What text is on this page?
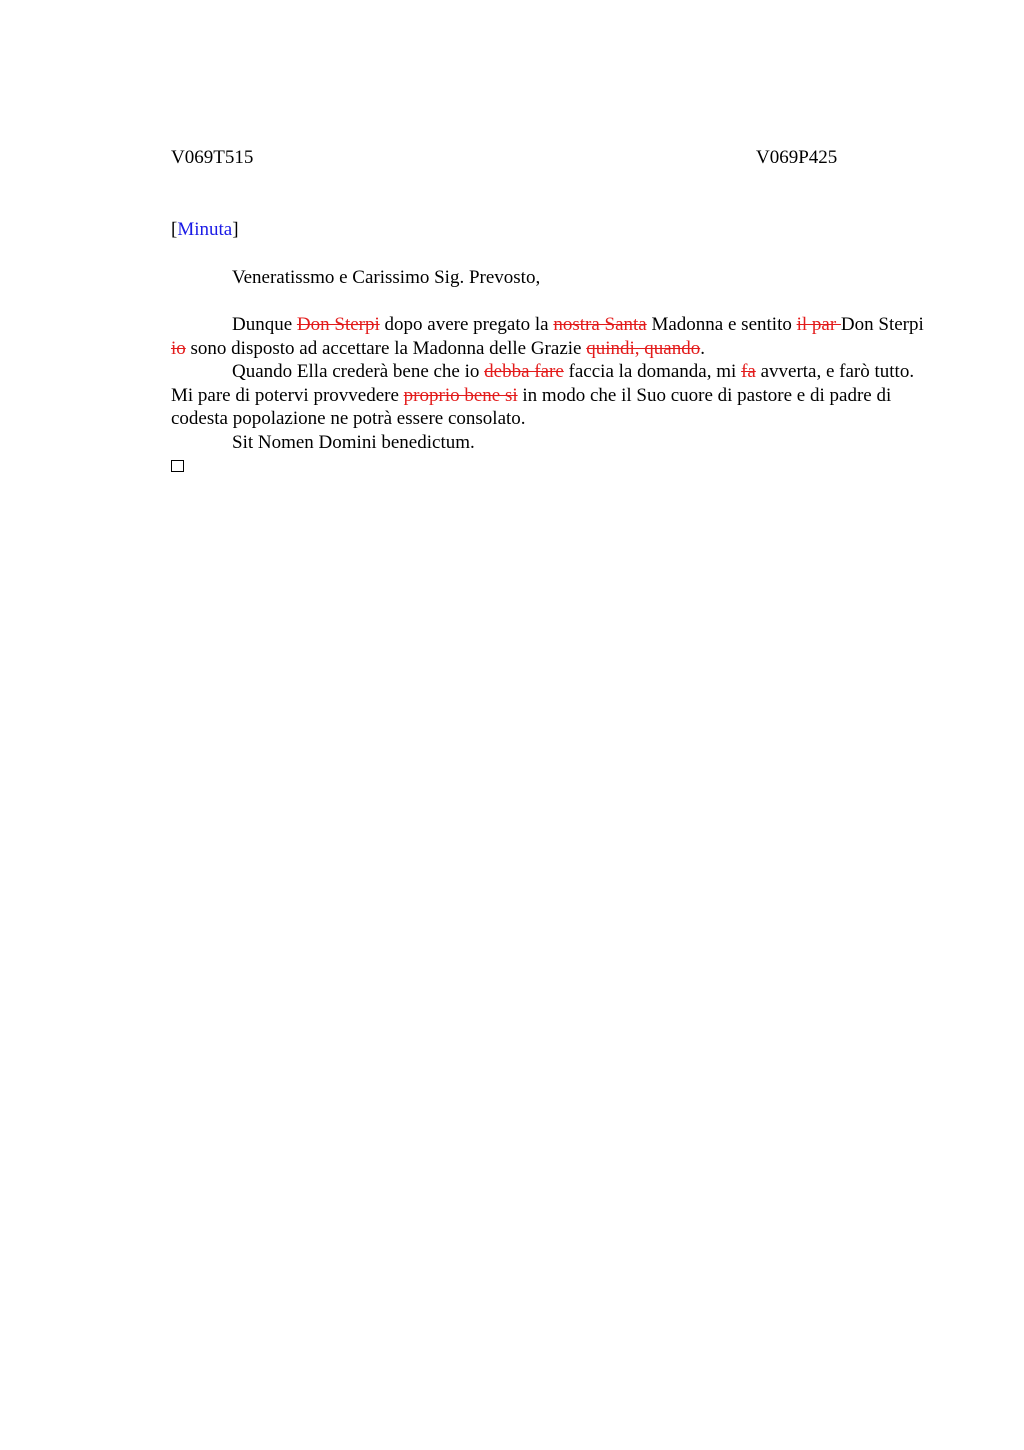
V069T515	V069P425
[Minuta]
Veneratissmo e Carissimo Sig. Prevosto,

Dunque Don Sterpi dopo avere pregato la nostra Santa Madonna e sentito il par Don Sterpi io sono disposto ad accettare la Madonna delle Grazie quindi, quando.

Quando Ella crederà bene che io debba fare faccia la domanda, mi fa avverta, e farò tutto. Mi pare di potervi provvedere proprio bene si in modo che il Suo cuore di pastore e di padre di codesta popolazione ne potrà essere consolato.

Sit Nomen Domini benedictum.
